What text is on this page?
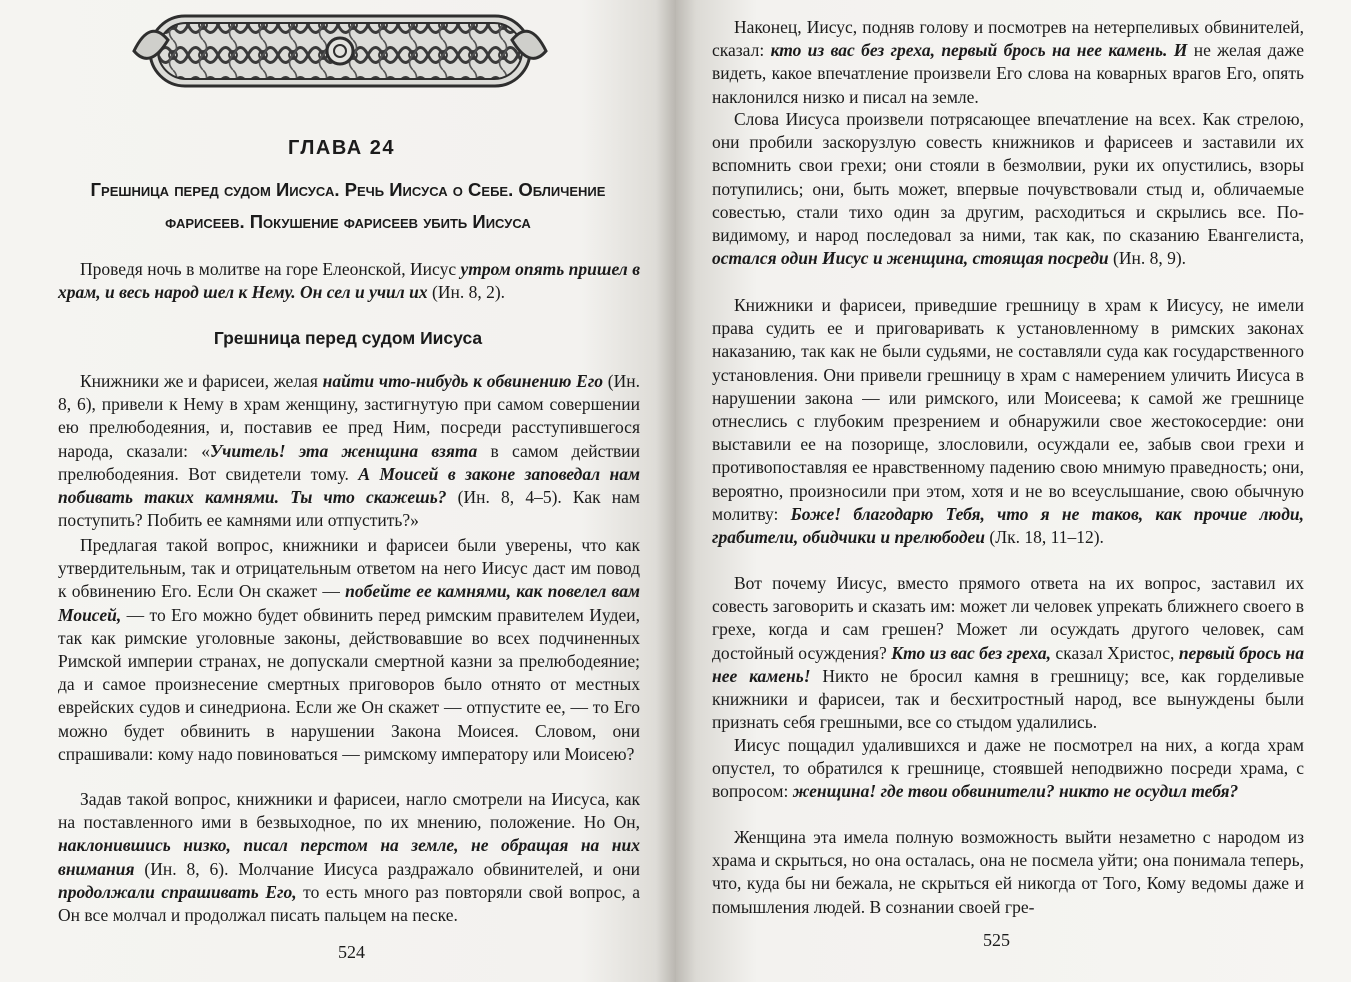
ГЛАВА 24
Грешница перед судом Иисуса. Речь Иисуса о Себе. Обличение фарисеев. Покушение фарисеев убить Иисуса

Проведя ночь в молитве на горе Елеонской, Иисус утром опять пришел в храм, и весь народ шел к Нему. Он сел и учил их (Ин. 8, 2).

Грешница перед судом Иисуса

Книжники же и фарисеи, желая найти что-нибудь к обвинению Его (Ин. 8, 6), привели к Нему в храм женщину, застигнутую при самом совершении ею прелюбодеяния, и, поставив ее пред Ним, посреди расступившегося народа, сказали: «Учитель! эта женщина взята в самом действии прелюбодеяния. Вот свидетели тому. А Моисей в законе заповедал нам побивать таких камнями. Ты что скажешь? (Ин. 8, 4–5). Как нам поступить? Побить ее камнями или отпустить?»

Предлагая такой вопрос, книжники и фарисеи были уверены, что как утвердительным, так и отрицательным ответом на него Иисус даст им повод к обвинению Его. Если Он скажет — побейте ее камнями, как повелел вам Моисей, — то Его можно будет обвинить перед римским правителем Иудеи, так как римские уголовные законы, действовавшие во всех подчиненных Римской империи странах, не допускали смертной казни за прелюбодеяние; да и самое произнесение смертных приговоров было отнято от местных еврейских судов и синедриона. Если же Он скажет — отпустите ее, — то Его можно будет обвинить в нарушении Закона Моисея. Словом, они спрашивали: кому надо повиноваться — римскому императору или Моисею?

Задав такой вопрос, книжники и фарисеи, нагло смотрели на Иисуса, как на поставленного ими в безвыходное, по их мнению, положение. Но Он, наклонившись низко, писал перстом на земле, не обращая на них внимания (Ин. 8, 6). Молчание Иисуса раздражало обвинителей, и они продолжали спрашивать Его, то есть много раз повторяли свой вопрос, а Он все молчал и продолжал писать пальцем на песке.

524

Наконец, Иисус, подняв голову и посмотрев на нетерпеливых обвинителей, сказал: кто из вас без греха, первый брось на нее камень. И не желая даже видеть, какое впечатление произвели Его слова на коварных врагов Его, опять наклонился низко и писал на земле.

Слова Иисуса произвели потрясающее впечатление на всех. Как стрелою, они пробили заскорузлую совесть книжников и фарисеев и заставили их вспомнить свои грехи; они стояли в безмолвии, руки их опустились, взоры потупились; они, быть может, впервые почувствовали стыд и, обличаемые совестью, стали тихо один за другим, расходиться и скрылись все. По-видимому, и народ последовал за ними, так как, по сказанию Евангелиста, остался один Иисус и женщина, стоящая посреди (Ин. 8, 9).

Книжники и фарисеи, приведшие грешницу в храм к Иисусу, не имели права судить ее и приговаривать к установленному в римских законах наказанию, так как не были судьями, не составляли суда как государственного установления. Они привели грешницу в храм с намерением уличить Иисуса в нарушении закона — или римского, или Моисеева; к самой же грешнице отнеслись с глубоким презрением и обнаружили свое жестокосердие: они выставили ее на позорище, злословили, осуждали ее, забыв свои грехи и противопоставляя ее нравственному падению свою мнимую праведность; они, вероятно, произносили при этом, хотя и не во всеуслышание, свою обычную молитву: Боже! благодарю Тебя, что я не таков, как прочие люди, грабители, обидчики и прелюбодеи (Лк. 18, 11–12).

Вот почему Иисус, вместо прямого ответа на их вопрос, заставил их совесть заговорить и сказать им: может ли человек упрекать ближнего своего в грехе, когда и сам грешен? Может ли осуждать другого человек, сам достойный осуждения? Кто из вас без греха, сказал Христос, первый брось на нее камень! Никто не бросил камня в грешницу; все, как горделивые книжники и фарисеи, так и бесхитростный народ, все вынуждены были признать себя грешными, все со стыдом удалились.

Иисус пощадил удалившихся и даже не посмотрел на них, а когда храм опустел, то обратился к грешнице, стоявшей неподвижно посреди храма, с вопросом: женщина! где твои обвинители? никто не осудил тебя?

Женщина эта имела полную возможность выйти незаметно с народом из храма и скрыться, но она осталась, она не посмела уйти; она понимала теперь, что, куда бы ни бежала, не скрыться ей никогда от Того, Кому ведомы даже и помышления людей. В сознании своей гре-

525
